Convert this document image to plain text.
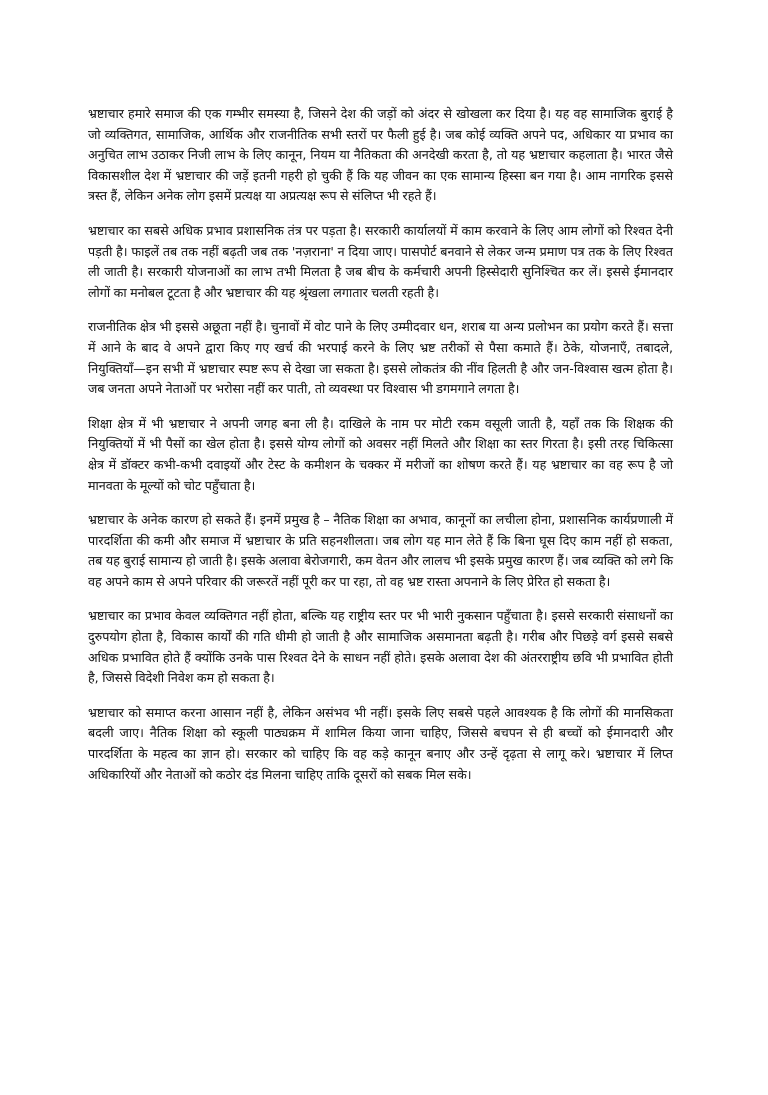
भ्रष्टाचार हमारे समाज की एक गम्भीर समस्या है, जिसने देश की जड़ों को अंदर से खोखला कर दिया है। यह वह सामाजिक बुराई है जो व्यक्तिगत, सामाजिक, आर्थिक और राजनीतिक सभी स्तरों पर फैली हुई है। जब कोई व्यक्ति अपने पद, अधिकार या प्रभाव का अनुचित लाभ उठाकर निजी लाभ के लिए कानून, नियम या नैतिकता की अनदेखी करता है, तो यह भ्रष्टाचार कहलाता है। भारत जैसे विकासशील देश में भ्रष्टाचार की जड़ें इतनी गहरी हो चुकी हैं कि यह जीवन का एक सामान्य हिस्सा बन गया है। आम नागरिक इससे त्रस्त हैं, लेकिन अनेक लोग इसमें प्रत्यक्ष या अप्रत्यक्ष रूप से संलिप्त भी रहते हैं।

भ्रष्टाचार का सबसे अधिक प्रभाव प्रशासनिक तंत्र पर पड़ता है। सरकारी कार्यालयों में काम करवाने के लिए आम लोगों को रिश्वत देनी पड़ती है। फाइलें तब तक नहीं बढ़ती जब तक 'नज़राना' न दिया जाए। पासपोर्ट बनवाने से लेकर जन्म प्रमाण पत्र तक के लिए रिश्वत ली जाती है। सरकारी योजनाओं का लाभ तभी मिलता है जब बीच के कर्मचारी अपनी हिस्सेदारी सुनिश्चित कर लें। इससे ईमानदार लोगों का मनोबल टूटता है और भ्रष्टाचार की यह श्रृंखला लगातार चलती रहती है।

राजनीतिक क्षेत्र भी इससे अछूता नहीं है। चुनावों में वोट पाने के लिए उम्मीदवार धन, शराब या अन्य प्रलोभन का प्रयोग करते हैं। सत्ता में आने के बाद वे अपने द्वारा किए गए खर्च की भरपाई करने के लिए भ्रष्ट तरीकों से पैसा कमाते हैं। ठेके, योजनाएँ, तबादले, नियुक्तियाँ—इन सभी में भ्रष्टाचार स्पष्ट रूप से देखा जा सकता है। इससे लोकतंत्र की नींव हिलती है और जन-विश्वास खत्म होता है। जब जनता अपने नेताओं पर भरोसा नहीं कर पाती, तो व्यवस्था पर विश्वास भी डगमगाने लगता है।

शिक्षा क्षेत्र में भी भ्रष्टाचार ने अपनी जगह बना ली है। दाखिले के नाम पर मोटी रकम वसूली जाती है, यहाँ तक कि शिक्षक की नियुक्तियों में भी पैसों का खेल होता है। इससे योग्य लोगों को अवसर नहीं मिलते और शिक्षा का स्तर गिरता है। इसी तरह चिकित्सा क्षेत्र में डॉक्टर कभी-कभी दवाइयों और टेस्ट के कमीशन के चक्कर में मरीजों का शोषण करते हैं। यह भ्रष्टाचार का वह रूप है जो मानवता के मूल्यों को चोट पहुँचाता है।

भ्रष्टाचार के अनेक कारण हो सकते हैं। इनमें प्रमुख है – नैतिक शिक्षा का अभाव, कानूनों का लचीला होना, प्रशासनिक कार्यप्रणाली में पारदर्शिता की कमी और समाज में भ्रष्टाचार के प्रति सहनशीलता। जब लोग यह मान लेते हैं कि बिना घूस दिए काम नहीं हो सकता, तब यह बुराई सामान्य हो जाती है। इसके अलावा बेरोजगारी, कम वेतन और लालच भी इसके प्रमुख कारण हैं। जब व्यक्ति को लगे कि वह अपने काम से अपने परिवार की जरूरतें नहीं पूरी कर पा रहा, तो वह भ्रष्ट रास्ता अपनाने के लिए प्रेरित हो सकता है।

भ्रष्टाचार का प्रभाव केवल व्यक्तिगत नहीं होता, बल्कि यह राष्ट्रीय स्तर पर भी भारी नुकसान पहुँचाता है। इससे सरकारी संसाधनों का दुरुपयोग होता है, विकास कार्यों की गति धीमी हो जाती है और सामाजिक असमानता बढ़ती है। गरीब और पिछड़े वर्ग इससे सबसे अधिक प्रभावित होते हैं क्योंकि उनके पास रिश्वत देने के साधन नहीं होते। इसके अलावा देश की अंतरराष्ट्रीय छवि भी प्रभावित होती है, जिससे विदेशी निवेश कम हो सकता है।

भ्रष्टाचार को समाप्त करना आसान नहीं है, लेकिन असंभव भी नहीं। इसके लिए सबसे पहले आवश्यक है कि लोगों की मानसिकता बदली जाए। नैतिक शिक्षा को स्कूली पाठ्यक्रम में शामिल किया जाना चाहिए, जिससे बचपन से ही बच्चों को ईमानदारी और पारदर्शिता के महत्व का ज्ञान हो। सरकार को चाहिए कि वह कड़े कानून बनाए और उन्हें दृढ़ता से लागू करे। भ्रष्टाचार में लिप्त अधिकारियों और नेताओं को कठोर दंड मिलना चाहिए ताकि दूसरों को सबक मिल सके।
